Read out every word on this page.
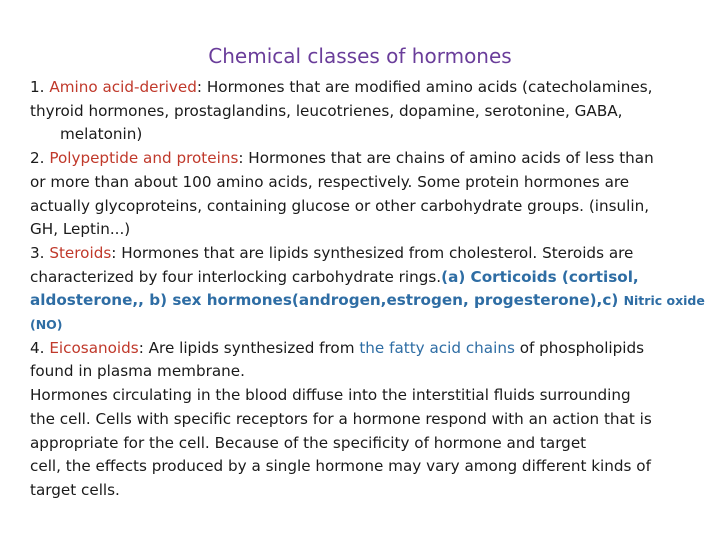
Chemical classes of hormones
1. Amino acid-derived: Hormones that are modified amino acids (catecholamines,
thyroid hormones, prostaglandins, leucotrienes, dopamine, serotonine, GABA,
melatonin)
2. Polypeptide and proteins: Hormones that are chains of amino acids of less than
or more than about 100 amino acids, respectively. Some protein hormones are
actually glycoproteins, containing glucose or other carbohydrate groups. (insulin,
GH, Leptin...)
3. Steroids: Hormones that are lipids synthesized from cholesterol. Steroids are
characterized by four interlocking carbohydrate rings.(a) Corticoids (cortisol,
aldosterone,, b) sex hormones(androgen,estrogen, progesterone),c) Nitric oxide
(NO)
4. Eicosanoids: Are lipids synthesized from the fatty acid chains of phospholipids
found in plasma membrane.
Hormones circulating in the blood diffuse into the interstitial fluids surrounding
the cell. Cells with specific receptors for a hormone respond with an action that is
appropriate for the cell. Because of the specificity of hormone and target
cell, the effects produced by a single hormone may vary among different kinds of
target cells.
